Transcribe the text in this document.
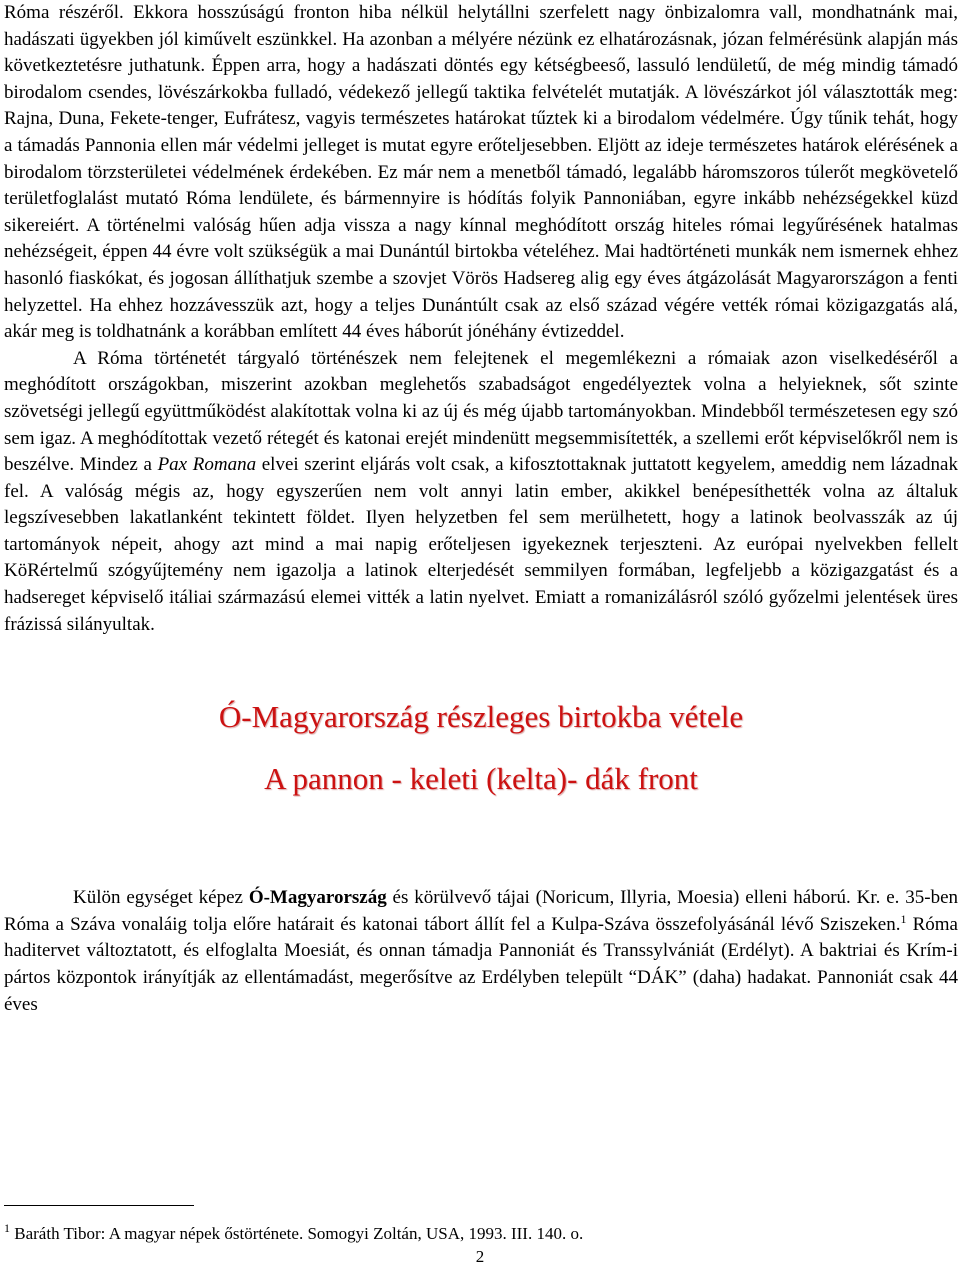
Róma részéről. Ekkora hosszúságú fronton hiba nélkül helytállni szerfelett nagy önbizalomra vall, mondhatnánk mai, hadászati ügyekben jól kiművelt eszünkkel. Ha azonban a mélyére nézünk ez elhatározásnak, józan felmérésünk alapján más következtetésre juthatunk. Éppen arra, hogy a hadászati döntés egy kétségbeeső, lassuló lendületű, de még mindig támadó birodalom csendes, lövészárkokba fulladó, védekező jellegű taktika felvételét mutatják. A lövészárkot jól választották meg: Rajna, Duna, Fekete-tenger, Eufrátesz, vagyis természetes határokat tűztek ki a birodalom védelmére. Úgy tűnik tehát, hogy a támadás Pannonia ellen már védelmi jelleget is mutat egyre erőteljesebben. Eljött az ideje természetes határok elérésének a birodalom törzsterületei védelmének érdekében. Ez már nem a menetből támadó, legalább háromszoros túlerőt megkövetelő területfoglalást mutató Róma lendülete, és bármennyire is hódítás folyik Pannoniában, egyre inkább nehézségekkel küzd sikereiért. A történelmi valóság hűen adja vissza a nagy kínnal meghódított ország hiteles római legyűrésének hatalmas nehézségeit, éppen 44 évre volt szükségük a mai Dunántúl birtokba vételéhez. Mai hadtörténeti munkák nem ismernek ehhez hasonló fiaskókat, és jogosan állíthatjuk szembe a szovjet Vörös Hadsereg alig egy éves átgázolását Magyarországon a fenti helyzettel. Ha ehhez hozzávesszük azt, hogy a teljes Dunántúlt csak az első század végére vették római közigazgatás alá, akár meg is toldhatnánk a korábban említett 44 éves háborút jónéhány évtizeddel.

A Róma történetét tárgyaló történészek nem felejtenek el megemlékezni a rómaiak azon viselkedéséről a meghódított országokban, miszerint azokban meglehetős szabadságot engedélyeztek volna a helyieknek, sőt szinte szövetségi jellegű együttműködést alakítottak volna ki az új és még újabb tartományokban. Mindebből természetesen egy szó sem igaz. A meghódítottak vezető rétegét és katonai erejét mindenütt megsemmisítették, a szellemi erőt képviselőkről nem is beszélve. Mindez a Pax Romana elvei szerint eljárás volt csak, a kifosztottaknak juttatott kegyelem, ameddig nem lázadnak fel. A valóság mégis az, hogy egyszerűen nem volt annyi latin ember, akikkel benépesíthették volna az általuk legszívesebben lakatlanként tekintett földet. Ilyen helyzetben fel sem merülhetett, hogy a latinok beolvasszák az új tartományok népeit, ahogy azt mind a mai napig erőteljesen igyekeznek terjeszteni. Az európai nyelvekben fellelt KöRértelmű szógyűjtemény nem igazolja a latinok elterjedését semmilyen formában, legfeljebb a közigazgatást és a hadsereget képviselő itáliai származású elemei vitték a latin nyelvet. Emiatt a romanizálásról szóló győzelmi jelentések üres frázissá silányultak.

Ó-Magyarország részleges birtokba vétele
A pannon - keleti (kelta)- dák front

Külön egységet képez Ó-Magyarország és körülvevő tájai (Noricum, Illyria, Moesia) elleni háború. Kr. e. 35-ben Róma a Száva vonaláig tolja előre határait és katonai tábort állít fel a Kulpa-Száva összefolyásánál lévő Sziszeken.$^1$ Róma haditervet változtatott, és elfoglalta Moesiát, és onnan támadja Pannoniát és Transsylvániát (Erdélyt). A baktriai és Krím-i pártos központok irányítják az ellentámadást, megerősítve az Erdélyben települt “DÁK” (daha) hadakat. Pannoniát csak 44 éves

$^1$ Baráth Tibor: A magyar népek őstörténete. Somogyi Zoltán, USA, 1993. III. 140. o.

2
